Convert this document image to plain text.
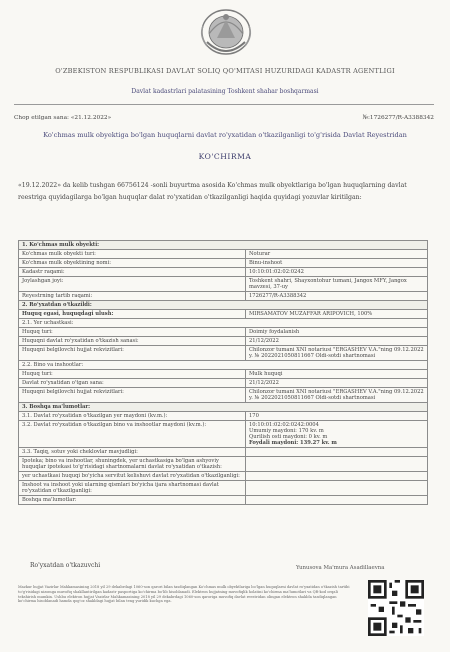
O'ZBEKISTON RESPUBLIKASI DAVLAT SOLIQ QO'MITASI HUZURIDAGI KADASTR AGENTLIGI
Davlat kadastrlari palatasining Toshkent shahar boshqarmasi
Chop etilgan sana: «21.12.2022»	№:1726277/R-A3388342
Ko'chmas mulk obyektiga bo'lgan huquqlarni davlat ro'yxatidan o'tkazilganligi to'g'risida Davlat Reyestridan
KO'CHIRMA
«19.12.2022» da kelib tushgan 66756124 -sonli buyurtma asosida Ko'chmas mulk obyektlariga bo'lgan huquqlarning davlat reestriga quyidagilarga bo'lgan huquqlar dalat ro'yxatidan o'tkazilganligi haqida quyidagi yozuvlar kiritilgan:
1. Ko'chmas mulk obyekti:
Ko'chmas mulk obyekti turi:	Noturar
Ko'chmas mulk obyektining nomi:	Binu-inshoot
Kadastr raqami:	10:10:01:02:02:0242
Joylashgan joyi:	Toshkent shahri, Shayxontohur tumani, Jangox MFY, Jangox mavzesi, 37-uy
Reyestrning tartib raqami:	1726277/R-A3388342
2. Ro'yxatdan o'tkazildi:
Huquq egasi, huquqdagi ulush:	MIRSAMATOV MUZAFFAR ARIPOVICH, 100%
2.1. Yer uchastkasi:
Huquq turi:	Doimiy foydalanish
Huquqni davlat ro'yxatidan o'tkazish sanasi:	21/12/2022
Huquqni belgilovchi hujjat rekvizitlari:	Chilonzor tumani XNI notariusi "ERGASHEV V.A."ning 09.12.2022 y. № 2022021050811667 Oldi-sotdi shartnomasi
2.2. Bino va inshootlar:
Huquq turi:	Mulk huquqi
Davlat ro'yxatidan o'tgan sana:	21/12/2022
Huquqni belgilovchi hujjat rekvizitlari:	Chilonzor tumani XNI notariusi "ERGASHEV V.A."ning 09.12.2022 y. № 2022021050811667 Oldi-sotdi shartnomasi
3. Boshqa ma'lumotlar:
3.1. Davlat ro'yxatidan o'tkazilgan yer maydoni (kv.m.):	170
3.2. Davlat ro'yxatidan o'tkazilgan bino va inshootlar maydoni (kv.m.):	10:10:01:02:02:0242:0004
Umumiy maydoni: 170 kv. m
Qurilish osti maydoni: 0 kv. m
Foydali maydoni: 139.27 kv. m
3.3. Taqiq, sotuv yoki cheklovlar mavjudligi:
Ipoteka; bino va inshootlar, shuningdek, yer uchastkasiga bo'lgan ashyoviy huquqlar ipotekasi to'g'risidagi shartnomalarni davlat ro'yxatidan o'tkazish:
yer uchastkasi huquqi bo'yicha servitut kelishuvi davlat ro'yxatidan o'tkazilganligi:
Inshoot va inshoot yoki ularning qismlari bo'yicha ijara shartnomasi davlat ro'yxatidan o'tkazilganligi:
Boshqa ma'lumotlar:
Ro'yxatdan o'tkazuvchi	Yunusova Ma'mura Asadillaevna
Mazkur hujjat Vazirlar Mahkamasining 2018 yil 29 dekabrdagi 1060-son qarori bilan tasdiqlangan Ko'chmas mulk obyektlariga bo'lgan huquqlarni davlat ro'yxatidan o'tkazish tartibi to'g'risidagi nizomga muvofiq shakllantirilgan kadastr pasportiga ko'chirma bo'lib hisoblanadi. Elektron hujjatning muvofiqlik holatini ko'chirma ma'lumotlari va QR-kod orqali tekshirish mumkin. Ushbu elektron hujjat Vazirlar Mahkamasining 2018 yil 29 dekabrdagi 1060-son qaroriga muvofiq davlat reestridan olingan elektron shaklda tasdiqlangan ko'chirma hisoblanadi hamda qog'oz shakldagi hujjat bilan teng yuridik kuchga ega.
